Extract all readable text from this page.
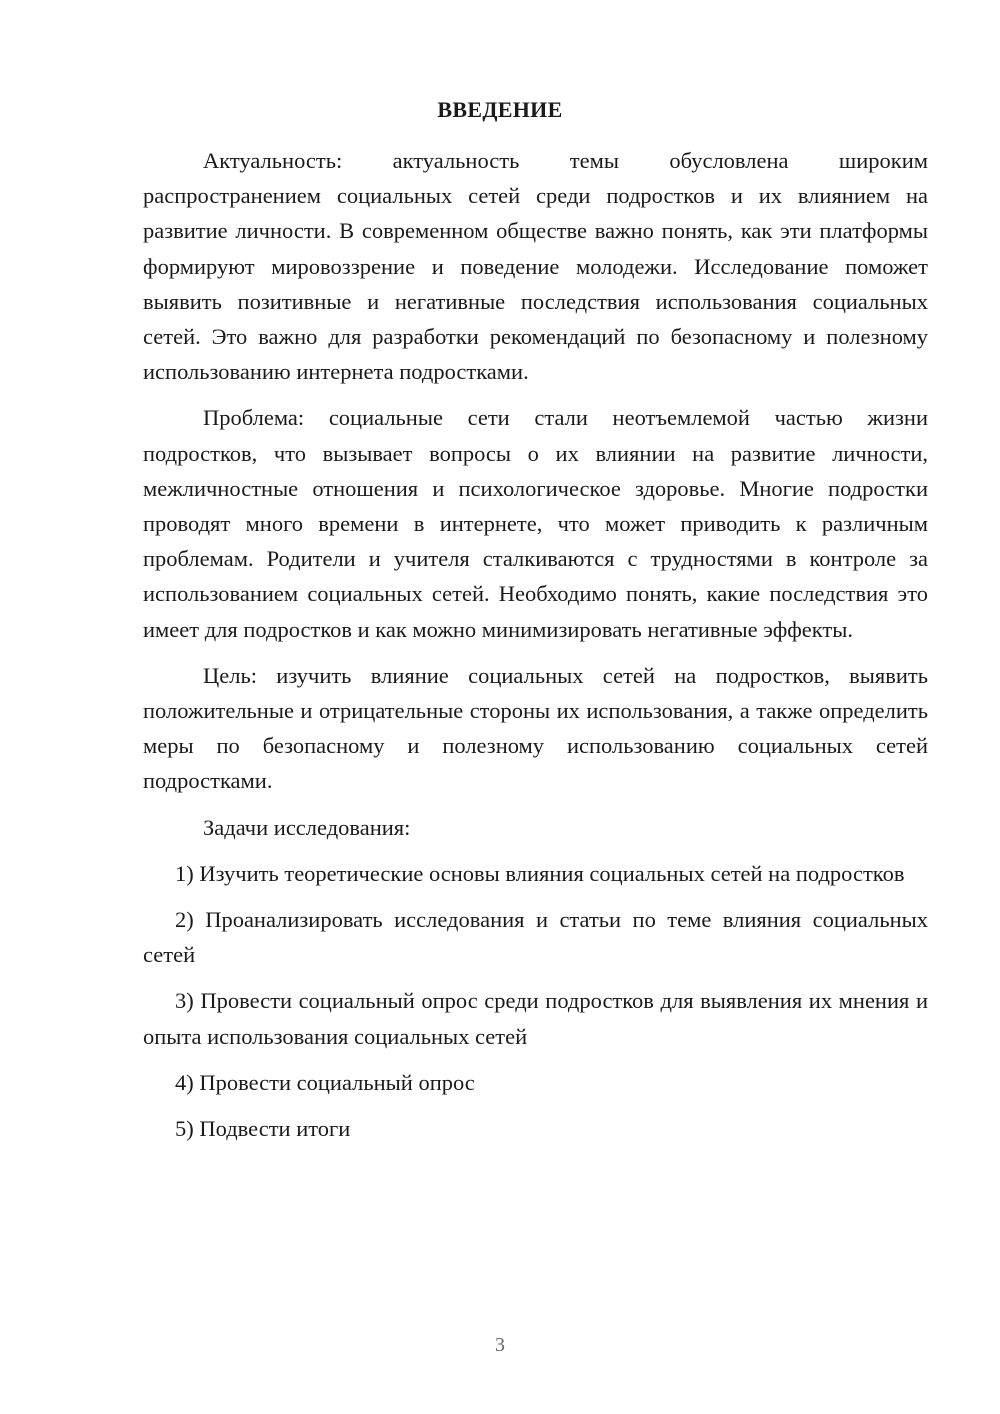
ВВЕДЕНИЕ

Актуальность: актуальность темы обусловлена широким распространением социальных сетей среди подростков и их влиянием на развитие личности. В современном обществе важно понять, как эти платформы формируют мировоззрение и поведение молодежи. Исследование поможет выявить позитивные и негативные последствия использования социальных сетей. Это важно для разработки рекомендаций по безопасному и полезному использованию интернета подростками.

Проблема: социальные сети стали неотъемлемой частью жизни подростков, что вызывает вопросы о их влиянии на развитие личности, межличностные отношения и психологическое здоровье. Многие подростки проводят много времени в интернете, что может приводить к различным проблемам. Родители и учителя сталкиваются с трудностями в контроле за использованием социальных сетей. Необходимо понять, какие последствия это имеет для подростков и как можно минимизировать негативные эффекты.

Цель: изучить влияние социальных сетей на подростков, выявить положительные и отрицательные стороны их использования, а также определить меры по безопасному и полезному использованию социальных сетей подростками.

Задачи исследования:

1) Изучить теоретические основы влияния социальных сетей на подростков

2) Проанализировать исследования и статьи по теме влияния социальных сетей

3) Провести социальный опрос среди подростков для выявления их мнения и опыта использования социальных сетей

4) Провести социальный опрос

5) Подвести итоги

3
